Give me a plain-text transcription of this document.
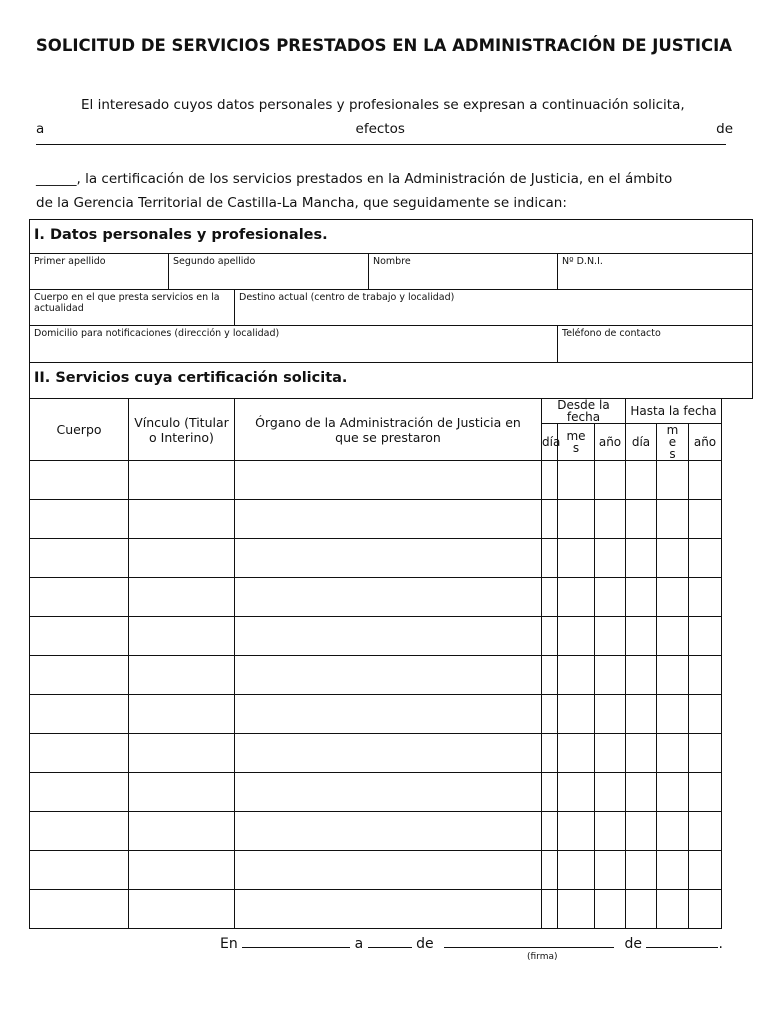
SOLICITUD DE SERVICIOS PRESTADOS EN LA ADMINISTRACIÓN DE JUSTICIA
El interesado cuyos datos personales y profesionales se expresan a continuación solicita,
a	efectos	de
______, la certificación de los servicios prestados en la Administración de Justicia, en el ámbito
de la Gerencia Territorial de Castilla-La Mancha, que seguidamente se indican:
I. Datos personales y profesionales.										
Primer apellido		Segundo apellido		Nombre		Nº D.N.I.				
Cuerpo en el que presta servicios en la actualidad			Destino actual (centro de trabajo y localidad)							
Domicilio para notificaciones (dirección y localidad)						Teléfono de contacto				
II. Servicios cuya certificación solicita.										
Cuerpo	Vínculo (Titular o Interino)		Órgano de la Administración de Justicia en que se prestaron		Desde la fecha			Hasta la fecha	
					día	me s	año	día	me s	año

En	a	de	de	.
(firma)
